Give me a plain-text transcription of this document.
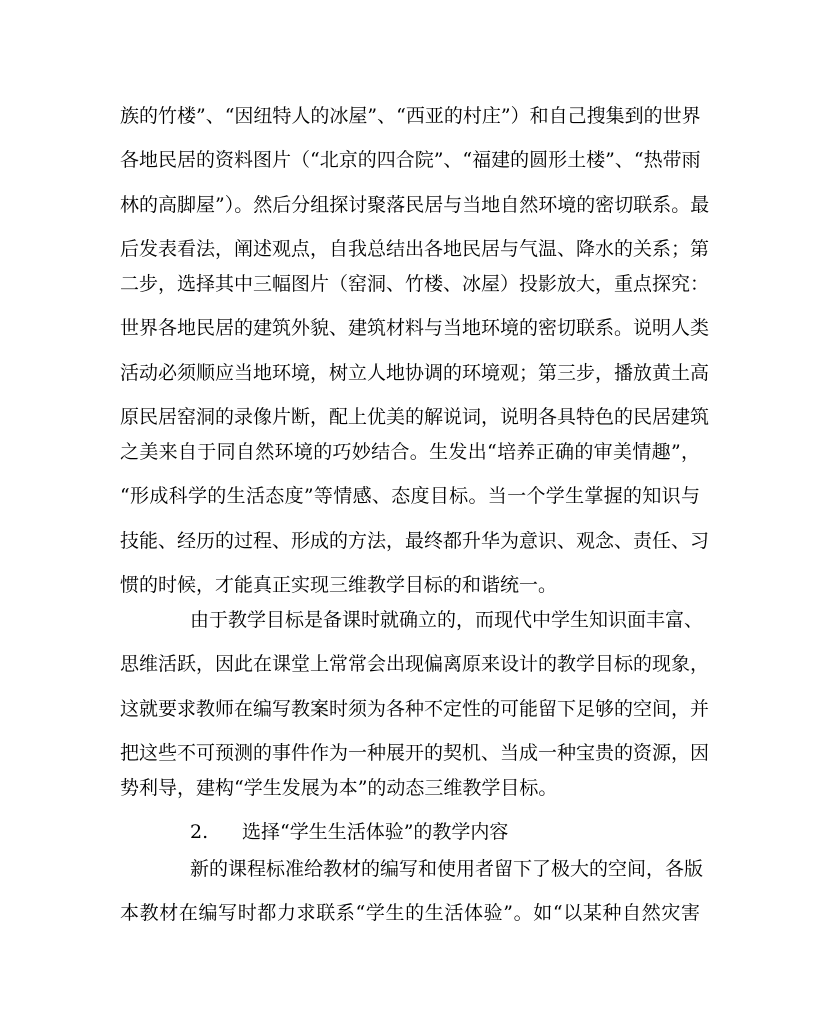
族的竹楼”、“因纽特人的冰屋”、“西亚的村庄”）和自己搜集到的世界
各地民居的资料图片（“北京的四合院”、“福建的圆形土楼”、“热带雨
林的高脚屋”）。然后分组探讨聚落民居与当地自然环境的密切联系。最
后发表看法，阐述观点，自我总结出各地民居与气温、降水的关系；第
二步，选择其中三幅图片（窑洞、竹楼、冰屋）投影放大，重点探究：
世界各地民居的建筑外貌、建筑材料与当地环境的密切联系。说明人类
活动必须顺应当地环境，树立人地协调的环境观；第三步，播放黄土高
原民居窑洞的录像片断，配上优美的解说词，说明各具特色的民居建筑
之美来自于同自然环境的巧妙结合。生发出“培养正确的审美情趣”，
“形成科学的生活态度”等情感、态度目标。当一个学生掌握的知识与
技能、经历的过程、形成的方法，最终都升华为意识、观念、责任、习
惯的时候，才能真正实现三维教学目标的和谐统一。
由于教学目标是备课时就确立的，而现代中学生知识面丰富、
思维活跃，因此在课堂上常常会出现偏离原来设计的教学目标的现象，
这就要求教师在编写教案时须为各种不定性的可能留下足够的空间，并
把这些不可预测的事件作为一种展开的契机、当成一种宝贵的资源，因
势利导，建构“学生发展为本”的动态三维教学目标。
2. 选择“学生生活体验”的教学内容
新的课程标准给教材的编写和使用者留下了极大的空间，各版
本教材在编写时都力求联系“学生的生活体验”。如“以某种自然灾害
